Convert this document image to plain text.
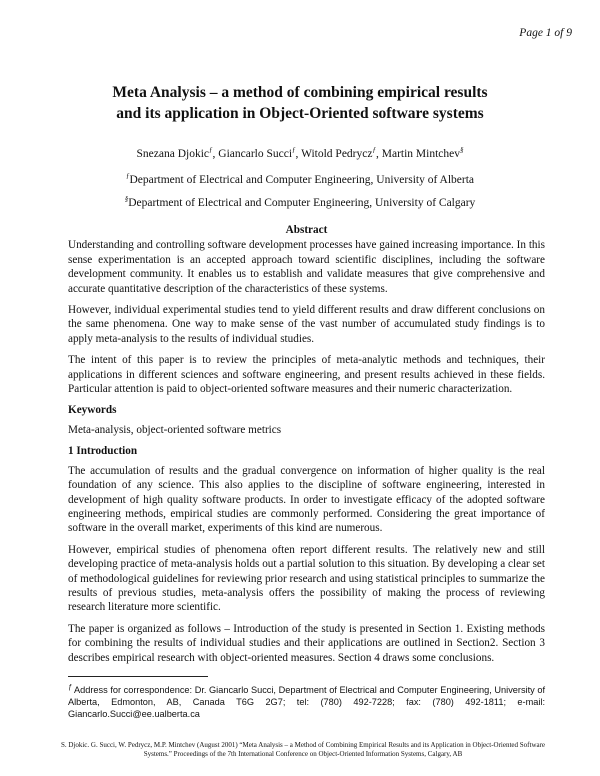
Page 1 of 9
Meta Analysis – a method of combining empirical results
and its application in Object-Oriented software systems
Snezana Djokic$^ƒ$, Giancarlo Succi$^ƒ$, Witold Pedrycz$^ƒ$, Martin Mintchev§
$^ƒ$Department of Electrical and Computer Engineering, University of Alberta
§Department of Electrical and Computer Engineering, University of Calgary
Abstract

Understanding and controlling software development processes have gained increasing importance. In this sense experimentation is an accepted approach toward scientific disciplines, including the software development community. It enables us to establish and validate measures that give comprehensive and accurate quantitative description of the characteristics of these systems.

However, individual experimental studies tend to yield different results and draw different conclusions on the same phenomena. One way to make sense of the vast number of accumulated study findings is to apply meta-analysis to the results of individual studies.

The intent of this paper is to review the principles of meta-analytic methods and techniques, their applications in different sciences and software engineering, and present results achieved in these fields. Particular attention is paid to object-oriented software measures and their numeric characterization.

Keywords

Meta-analysis, object-oriented software metrics

1 Introduction

The accumulation of results and the gradual convergence on information of higher quality is the real foundation of any science. This also applies to the discipline of software engineering, interested in development of high quality software products. In order to investigate efficacy of the adopted software engineering methods, empirical studies are commonly performed. Considering the great importance of software in the overall market, experiments of this kind are numerous.

However, empirical studies of phenomena often report different results. The relatively new and still developing practice of meta-analysis holds out a partial solution to this situation. By developing a clear set of methodological guidelines for reviewing prior research and using statistical principles to summarize the results of previous studies, meta-analysis offers the possibility of making the process of reviewing research literature more scientific.

The paper is organized as follows – Introduction of the study is presented in Section 1. Existing methods for combining the results of individual studies and their applications are outlined in Section2. Section 3 describes empirical research with object-oriented measures. Section 4 draws some conclusions.

$^ƒ$ Address for correspondence: Dr. Giancarlo Succi, Department of Electrical and Computer Engineering, University of Alberta, Edmonton, AB, Canada T6G 2G7; tel: (780) 492-7228; fax: (780) 492-1811; e-mail: Giancarlo.Succi@ee.ualberta.ca
S. Djokic. G. Succi, W. Pedrycz, M.P. Mintchev (August 2001) “Meta Analysis – a Method of Combining Empirical Results and its Application in Object-Oriented Software Systems.” Proceedings of the 7th International Conference on Object-Oriented Information Systems, Calgary, AB
